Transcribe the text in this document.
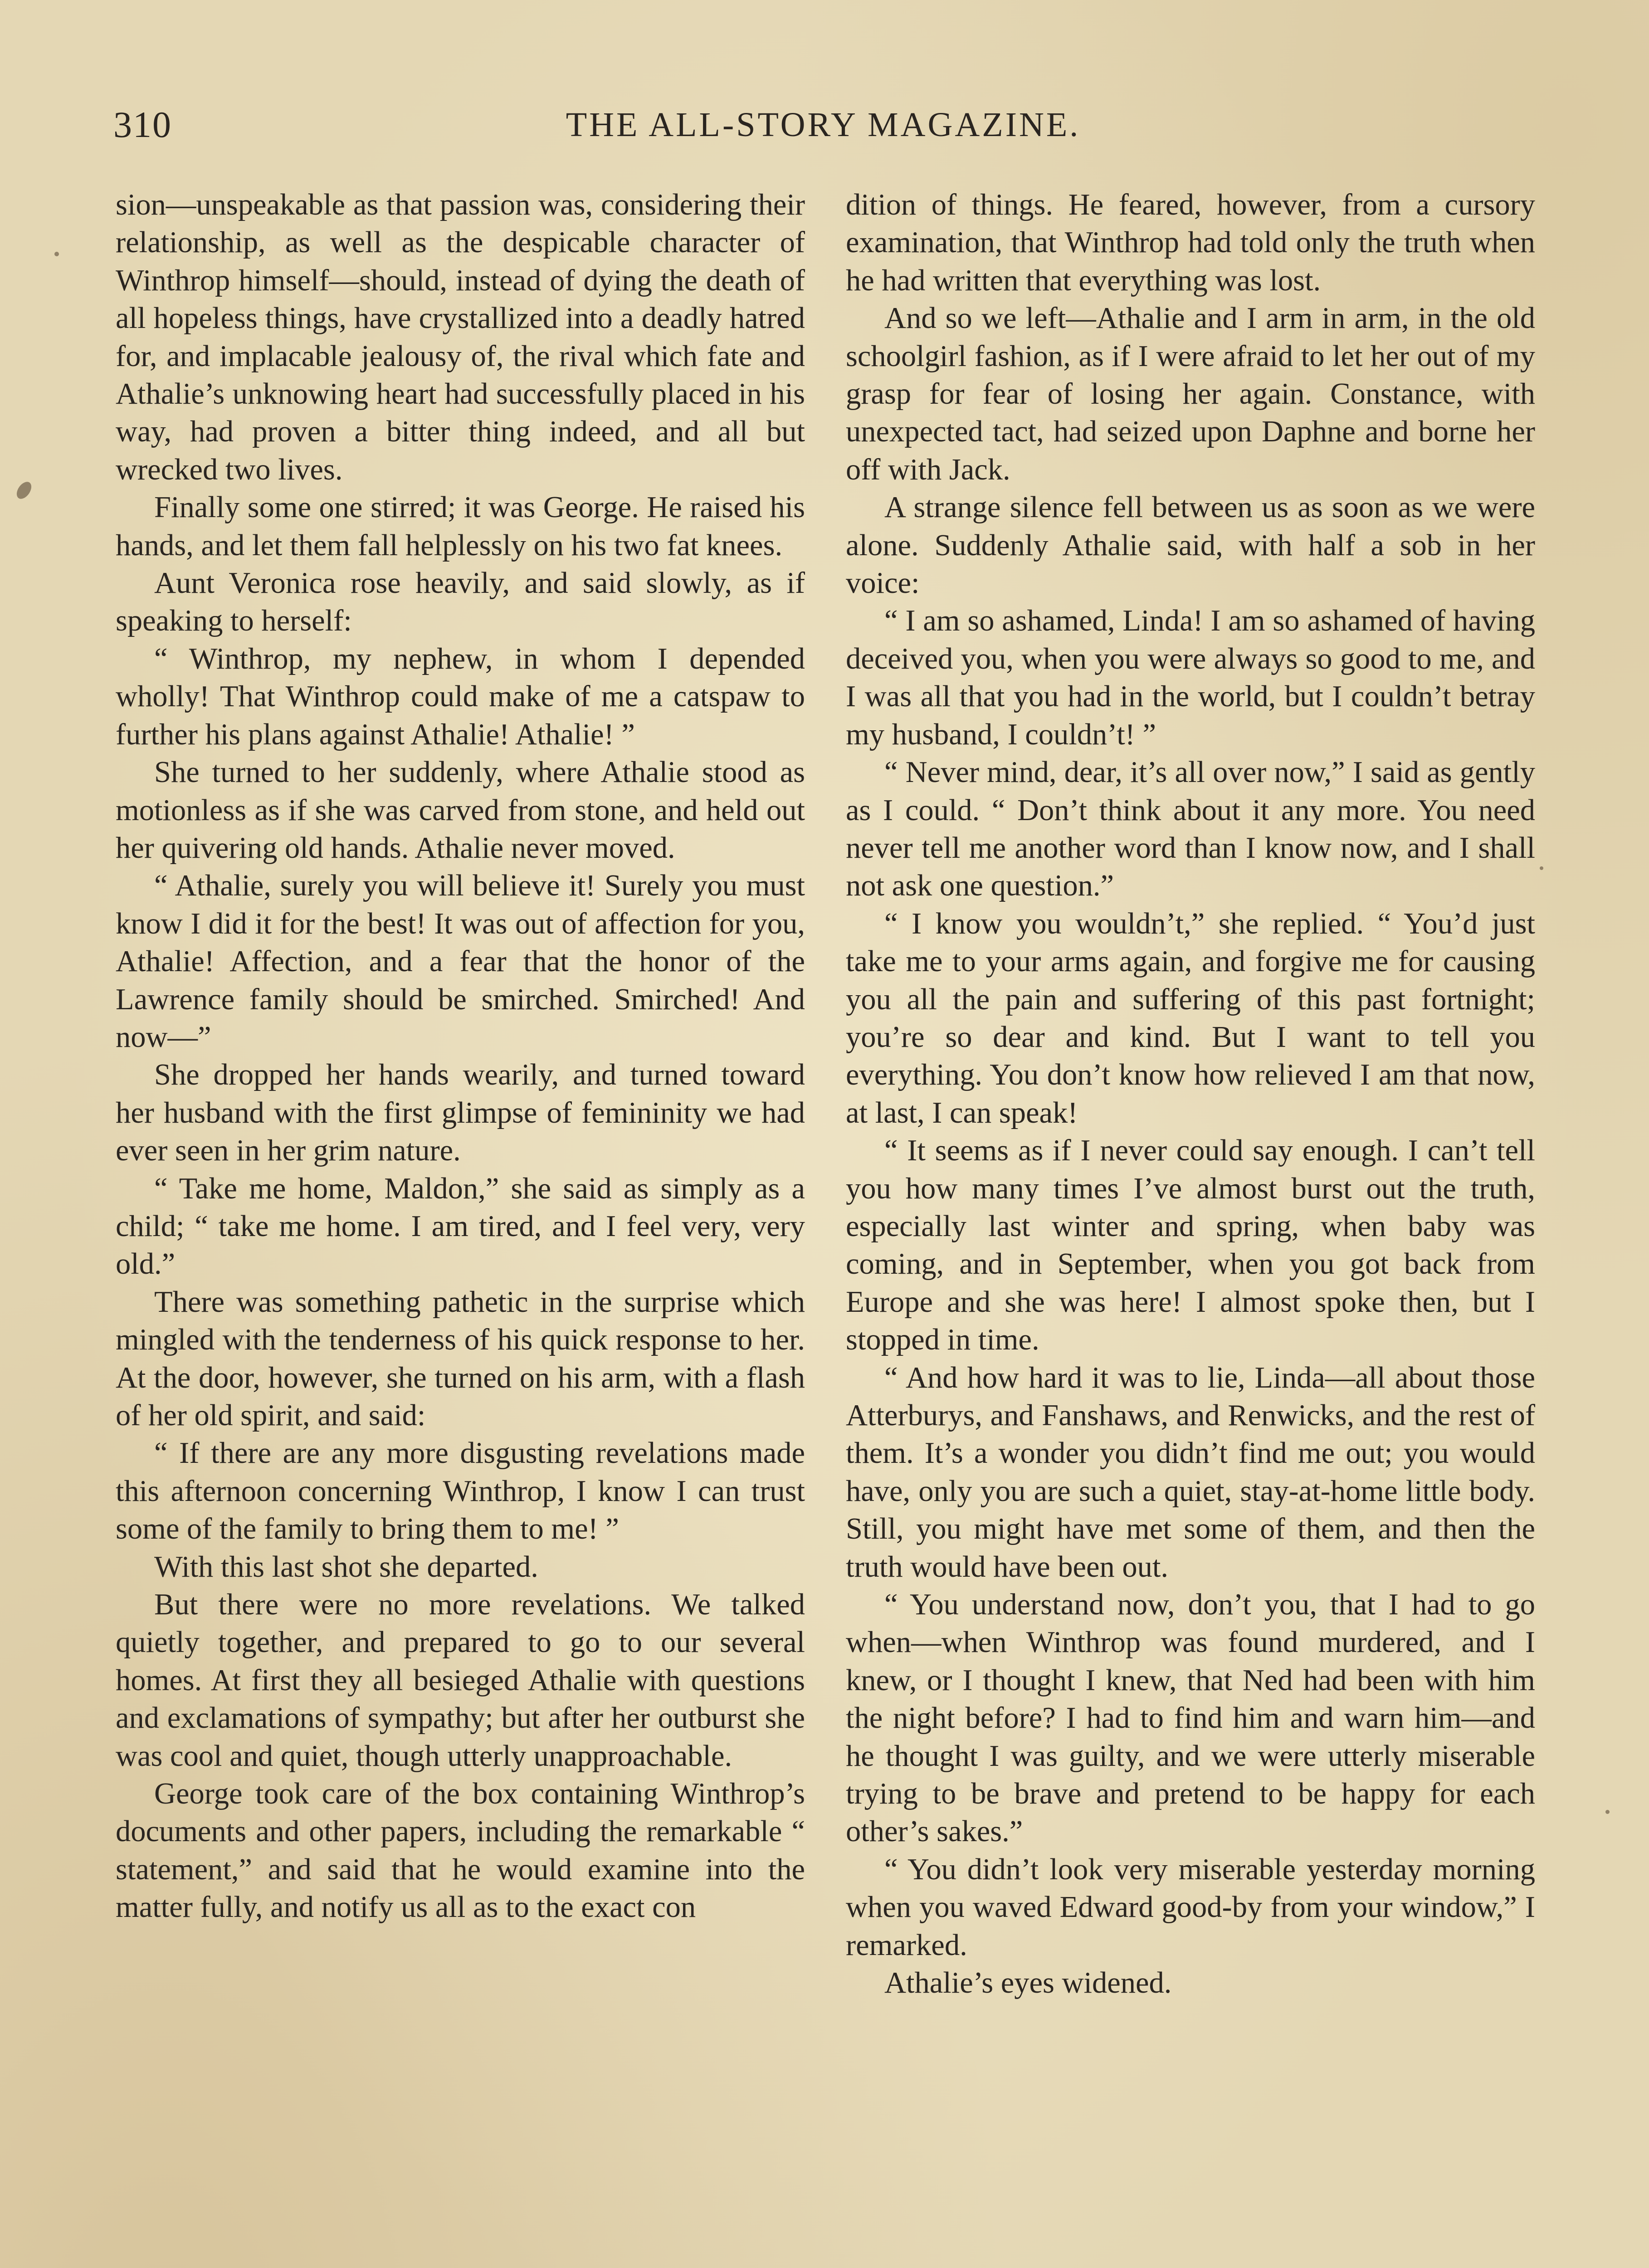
310	THE ALL-STORY MAGAZINE.

sion—unspeakable as that passion was, considering their relationship, as well as the despicable character of Winthrop himself—should, instead of dying the death of all hopeless things, have crystallized into a deadly hatred for, and implacable jealousy of, the rival which fate and Athalie’s unknowing heart had successfully placed in his way, had proven a bitter thing indeed, and all but wrecked two lives.

Finally some one stirred; it was George. He raised his hands, and let them fall helplessly on his two fat knees.

Aunt Veronica rose heavily, and said slowly, as if speaking to herself:

“ Winthrop, my nephew, in whom I depended wholly! That Winthrop could make of me a catspaw to further his plans against Athalie! Athalie! ”

She turned to her suddenly, where Athalie stood as motionless as if she was carved from stone, and held out her quivering old hands. Athalie never moved.

“ Athalie, surely you will believe it! Surely you must know I did it for the best! It was out of affection for you, Athalie! Affection, and a fear that the honor of the Lawrence family should be smirched. Smirched! And now—”

She dropped her hands wearily, and turned toward her husband with the first glimpse of femininity we had ever seen in her grim nature.

“ Take me home, Maldon,” she said as simply as a child; “ take me home. I am tired, and I feel very, very old.”

There was something pathetic in the surprise which mingled with the tenderness of his quick response to her. At the door, however, she turned on his arm, with a flash of her old spirit, and said:

“ If there are any more disgusting revelations made this afternoon concerning Winthrop, I know I can trust some of the family to bring them to me! ”

With this last shot she departed.

But there were no more revelations. We talked quietly together, and prepared to go to our several homes. At first they all besieged Athalie with questions and exclamations of sympathy; but after her outburst she was cool and quiet, though utterly unapproachable.

George took care of the box containing Winthrop’s documents and other papers, including the remarkable “ statement,” and said that he would examine into the matter fully, and notify us all as to the exact con

dition of things. He feared, however, from a cursory examination, that Winthrop had told only the truth when he had written that everything was lost.

And so we left—Athalie and I arm in arm, in the old schoolgirl fashion, as if I were afraid to let her out of my grasp for fear of losing her again. Constance, with unexpected tact, had seized upon Daphne and borne her off with Jack.

A strange silence fell between us as soon as we were alone. Suddenly Athalie said, with half a sob in her voice:

“ I am so ashamed, Linda! I am so ashamed of having deceived you, when you were always so good to me, and I was all that you had in the world, but I couldn’t betray my husband, I couldn’t! ”

“ Never mind, dear, it’s all over now,” I said as gently as I could. “ Don’t think about it any more. You need never tell me another word than I know now, and I shall not ask one question.”

“ I know you wouldn’t,” she replied. “ You’d just take me to your arms again, and forgive me for causing you all the pain and suffering of this past fortnight; you’re so dear and kind. But I want to tell you everything. You don’t know how relieved I am that now, at last, I can speak!

“ It seems as if I never could say enough. I can’t tell you how many times I’ve almost burst out the truth, especially last winter and spring, when baby was coming, and in September, when you got back from Europe and she was here! I almost spoke then, but I stopped in time.

“ And how hard it was to lie, Linda—all about those Atterburys, and Fanshaws, and Renwicks, and the rest of them. It’s a wonder you didn’t find me out; you would have, only you are such a quiet, stay-at-home little body. Still, you might have met some of them, and then the truth would have been out.

“ You understand now, don’t you, that I had to go when—when Winthrop was found murdered, and I knew, or I thought I knew, that Ned had been with him the night before? I had to find him and warn him—and he thought I was guilty, and we were utterly miserable trying to be brave and pretend to be happy for each other’s sakes.”

“ You didn’t look very miserable yesterday morning when you waved Edward good-by from your window,” I remarked.

Athalie’s eyes widened.
